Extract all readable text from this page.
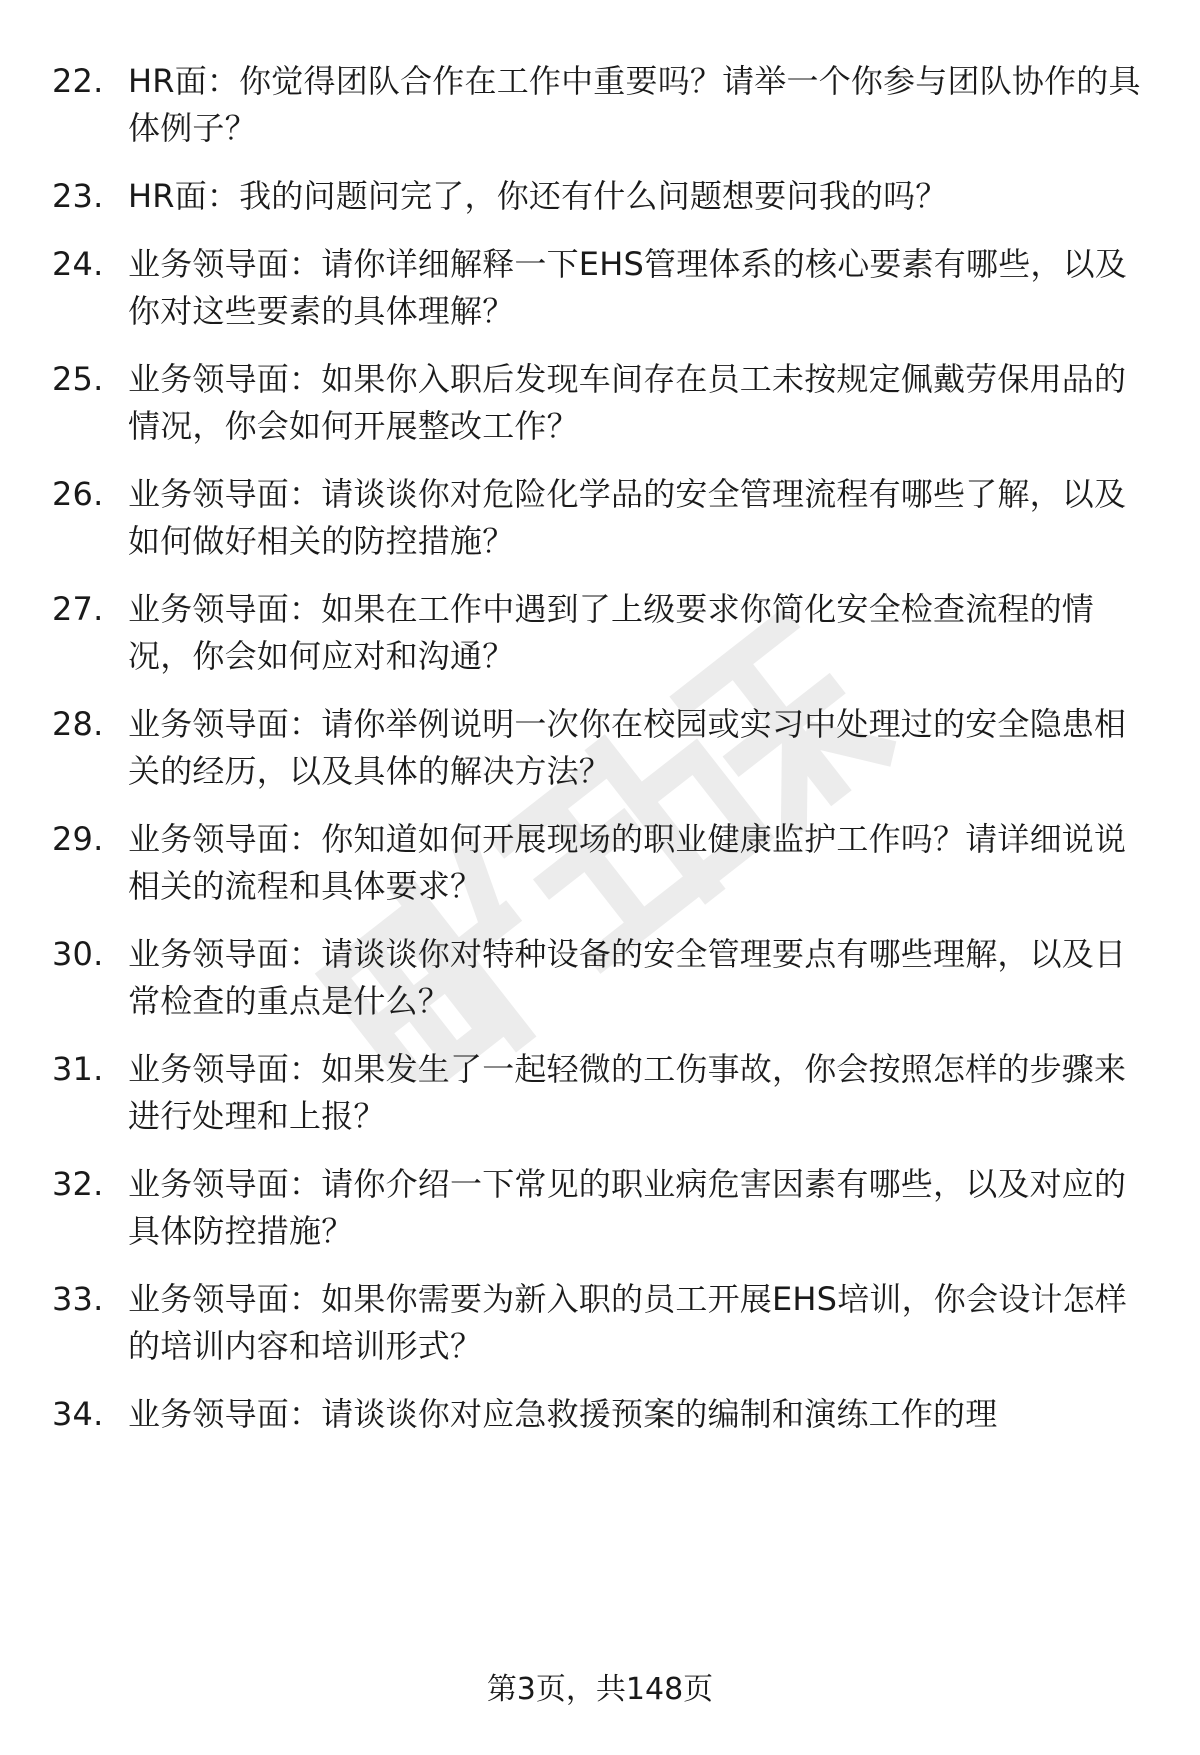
22. HR面：你觉得团队合作在工作中重要吗？请举一个你参与团队协作的具体例子？
23. HR面：我的问题问完了，你还有什么问题想要问我的吗？
24. 业务领导面：请你详细解释一下EHS管理体系的核心要素有哪些，以及你对这些要素的具体理解？
25. 业务领导面：如果你入职后发现车间存在员工未按规定佩戴劳保用品的情况，你会如何开展整改工作？
26. 业务领导面：请谈谈你对危险化学品的安全管理流程有哪些了解，以及如何做好相关的防控措施？
27. 业务领导面：如果在工作中遇到了上级要求你简化安全检查流程的情况，你会如何应对和沟通？
28. 业务领导面：请你举例说明一次你在校园或实习中处理过的安全隐患相关的经历，以及具体的解决方法？
29. 业务领导面：你知道如何开展现场的职业健康监护工作吗？请详细说说相关的流程和具体要求？
30. 业务领导面：请谈谈你对特种设备的安全管理要点有哪些理解，以及日常检查的重点是什么？
31. 业务领导面：如果发生了一起轻微的工伤事故，你会按照怎样的步骤来进行处理和上报？
32. 业务领导面：请你介绍一下常见的职业病危害因素有哪些，以及对应的具体防控措施？
33. 业务领导面：如果你需要为新入职的员工开展EHS培训，你会设计怎样的培训内容和培训形式？
34. 业务领导面：请谈谈你对应急救援预案的编制和演练工作的理
第3页，共148页
